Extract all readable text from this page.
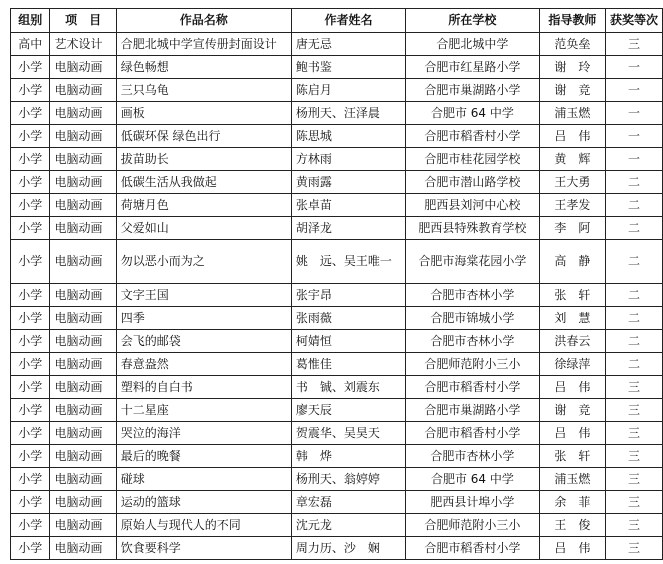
组别	项　目	作品名称	作者姓名	所在学校	指导教师	获奖等次
高中	艺术设计	合肥北城中学宣传册封面设计	唐无忌	合肥北城中学	范奂垒	三
小学	电脑动画	绿色畅想	鲍书鉴	合肥市红星路小学	谢　玲	一
小学	电脑动画	三只乌龟	陈启月	合肥市巢湖路小学	谢　竞	一
小学	电脑动画	画板	杨刑天、汪泽晨	合肥市 64 中学	浦玉燃	一
小学	电脑动画	低碳环保 绿色出行	陈思城	合肥市稻香村小学	吕　伟	一
小学	电脑动画	拔苗助长	方林雨	合肥市桂花园学校	黄　辉	一
小学	电脑动画	低碳生活从我做起	黄雨露	合肥市潜山路学校	王大勇	二
小学	电脑动画	荷塘月色	张卓苗	肥西县刘河中心校	王孝发	二
小学	电脑动画	父爱如山	胡泽龙	肥西县特殊教育学校	李　阿	二
小学	电脑动画	勿以恶小而为之	姚　远、吴王唯一	合肥市海棠花园小学	高　静	二
小学	电脑动画	文字王国	张宇昂	合肥市杏林小学	张　轩	二
小学	电脑动画	四季	张雨薇	合肥市锦城小学	刘　慧	二
小学	电脑动画	会飞的邮袋	柯婧恒	合肥市杏林小学	洪春云	二
小学	电脑动画	春意盎然	葛惟佳	合肥师范附小三小	徐绿萍	二
小学	电脑动画	塑料的自白书	书　铖、刘震东	合肥市稻香村小学	吕　伟	三
小学	电脑动画	十二星座	廖天辰	合肥市巢湖路小学	谢　竞	三
小学	电脑动画	哭泣的海洋	贺震华、吴昊天	合肥市稻香村小学	吕　伟	三
小学	电脑动画	最后的晚餐	韩　烨	合肥市杏林小学	张　轩	三
小学	电脑动画	碰球	杨刑天、翁婷婷	合肥市 64 中学	浦玉燃	三
小学	电脑动画	运动的篮球	章宏磊	肥西县计埠小学	余　菲	三
小学	电脑动画	原始人与现代人的不同	沈元龙	合肥师范附小三小	王　俊	三
小学	电脑动画	饮食要科学	周力历、沙　娴	合肥市稻香村小学	吕　伟	三
